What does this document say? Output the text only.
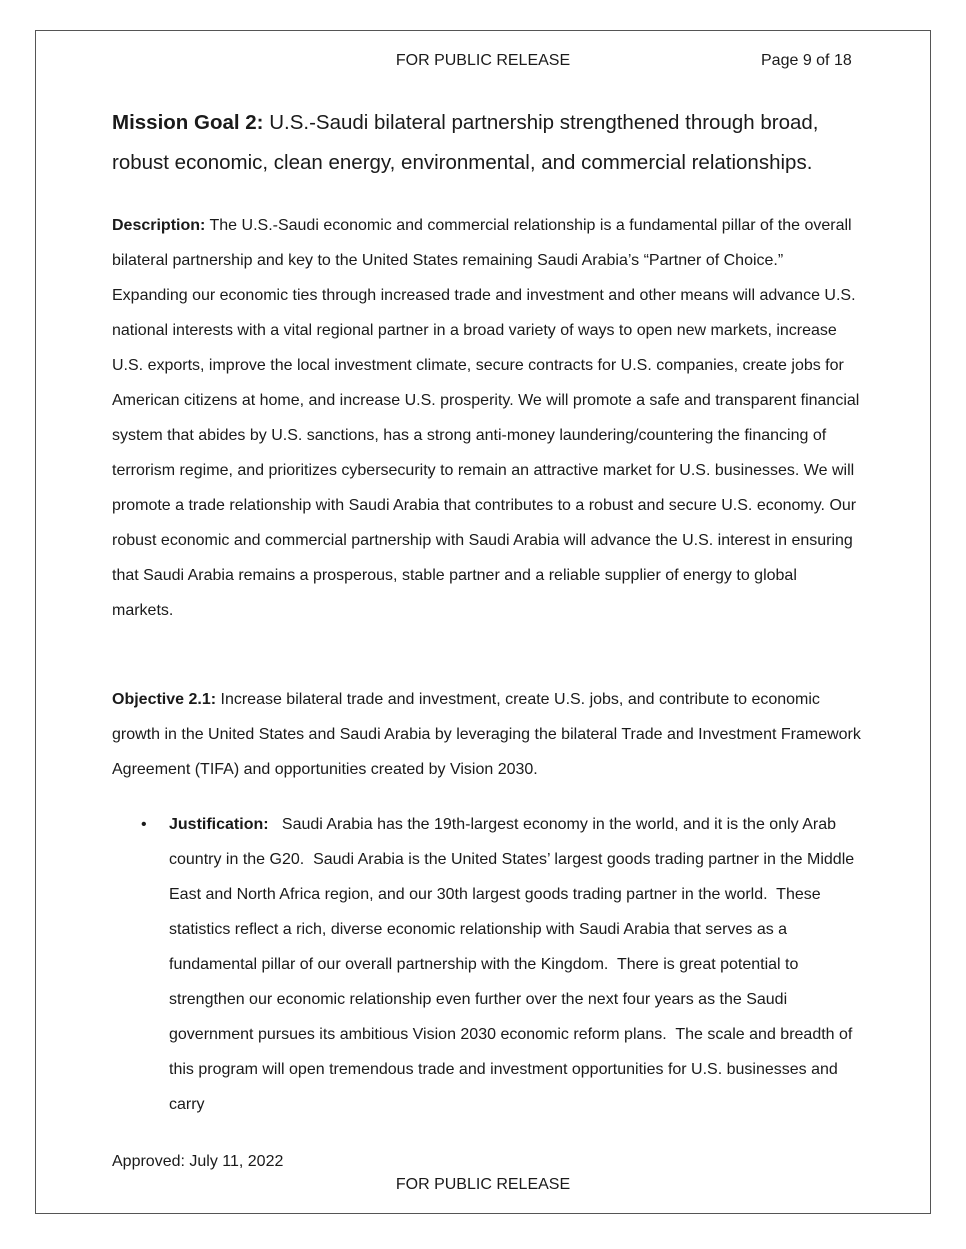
FOR PUBLIC RELEASE	Page 9 of 18
Mission Goal 2: U.S.-Saudi bilateral partnership strengthened through broad, robust economic, clean energy, environmental, and commercial relationships.
Description: The U.S.-Saudi economic and commercial relationship is a fundamental pillar of the overall bilateral partnership and key to the United States remaining Saudi Arabia’s “Partner of Choice.” Expanding our economic ties through increased trade and investment and other means will advance U.S. national interests with a vital regional partner in a broad variety of ways to open new markets, increase U.S. exports, improve the local investment climate, secure contracts for U.S. companies, create jobs for American citizens at home, and increase U.S. prosperity. We will promote a safe and transparent financial system that abides by U.S. sanctions, has a strong anti-money laundering/countering the financing of terrorism regime, and prioritizes cybersecurity to remain an attractive market for U.S. businesses. We will promote a trade relationship with Saudi Arabia that contributes to a robust and secure U.S. economy. Our robust economic and commercial partnership with Saudi Arabia will advance the U.S. interest in ensuring that Saudi Arabia remains a prosperous, stable partner and a reliable supplier of energy to global markets.
Objective 2.1: Increase bilateral trade and investment, create U.S. jobs, and contribute to economic growth in the United States and Saudi Arabia by leveraging the bilateral Trade and Investment Framework Agreement (TIFA) and opportunities created by Vision 2030.
• Justification:   Saudi Arabia has the 19th-largest economy in the world, and it is the only Arab country in the G20.  Saudi Arabia is the United States’ largest goods trading partner in the Middle East and North Africa region, and our 30th largest goods trading partner in the world.  These statistics reflect a rich, diverse economic relationship with Saudi Arabia that serves as a fundamental pillar of our overall partnership with the Kingdom.  There is great potential to strengthen our economic relationship even further over the next four years as the Saudi government pursues its ambitious Vision 2030 economic reform plans.  The scale and breadth of this program will open tremendous trade and investment opportunities for U.S. businesses and carry
Approved: July 11, 2022
FOR PUBLIC RELEASE
